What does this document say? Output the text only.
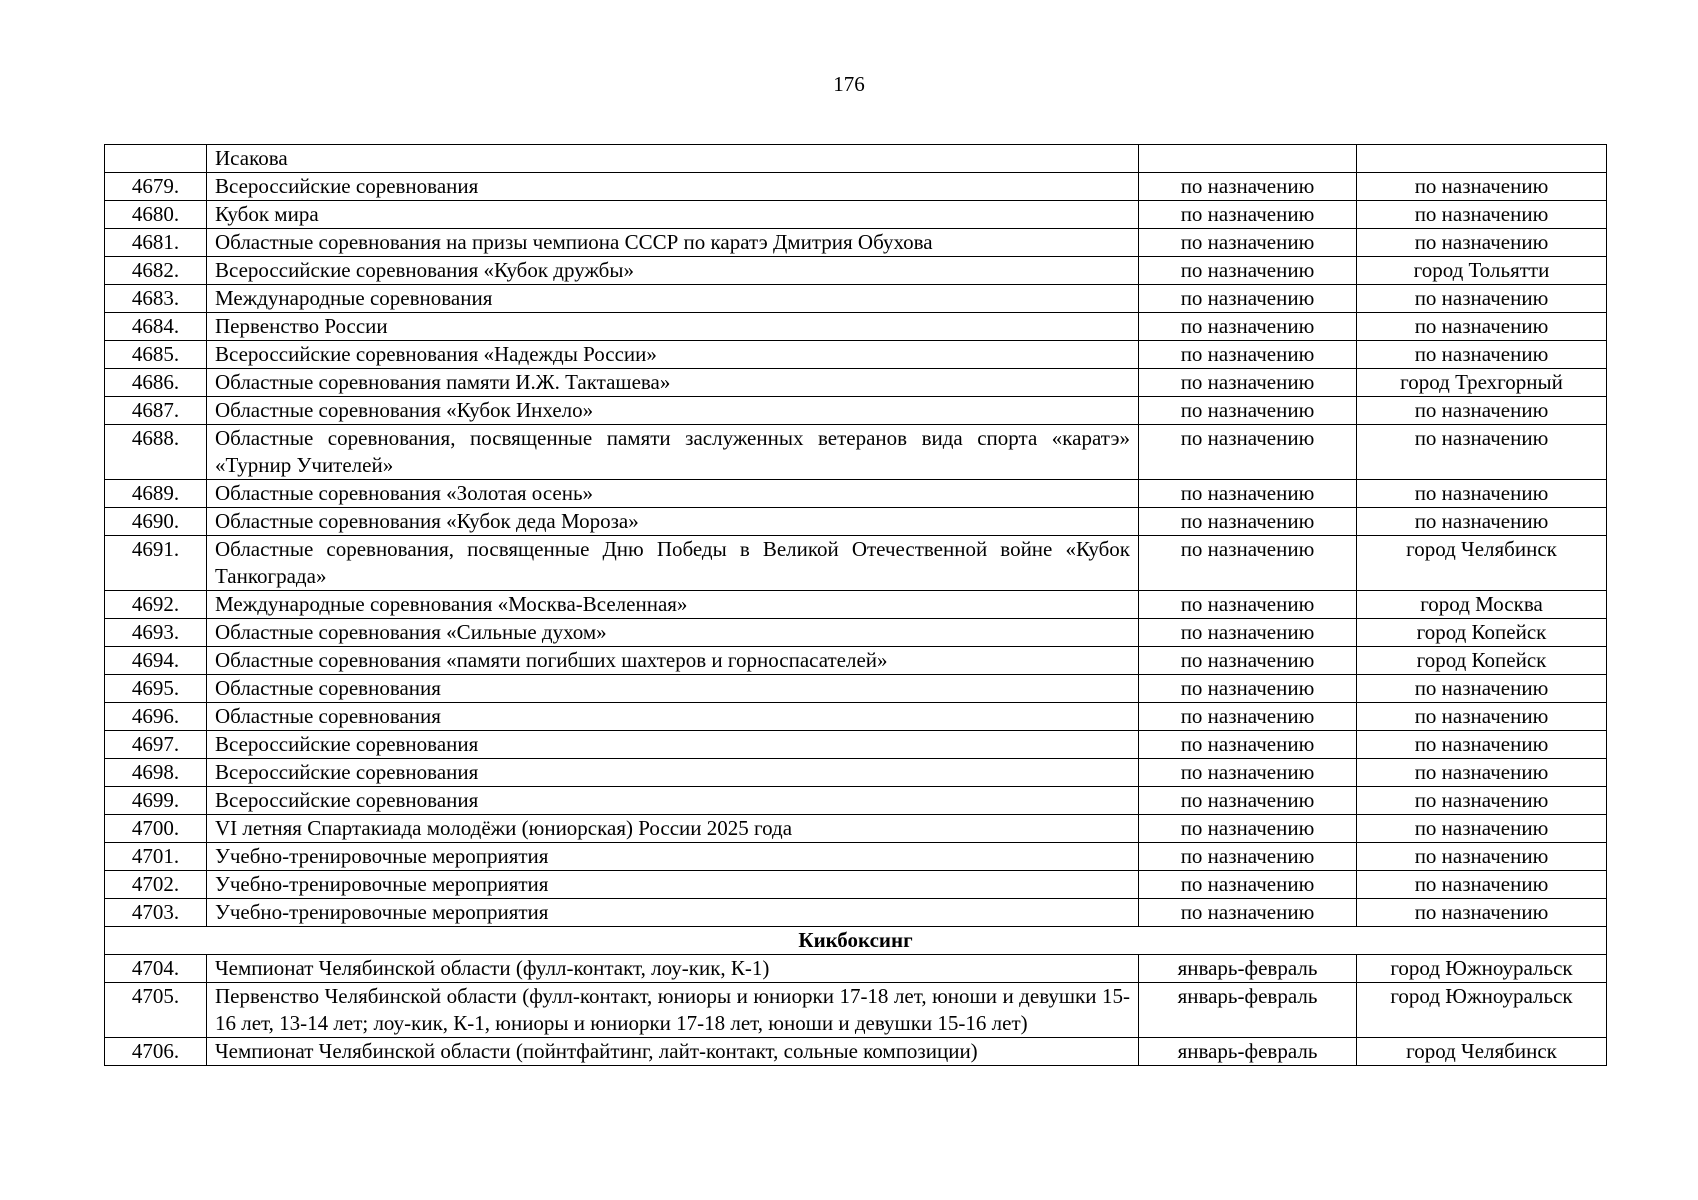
176
	Исакова		
4679.	Всероссийские соревнования	по назначению	по назначению
4680.	Кубок мира	по назначению	по назначению
4681.	Областные соревнования на призы чемпиона СССР по каратэ Дмитрия Обухова	по назначению	по назначению
4682.	Всероссийские соревнования «Кубок дружбы»	по назначению	город Тольятти
4683.	Международные соревнования	по назначению	по назначению
4684.	Первенство России	по назначению	по назначению
4685.	Всероссийские соревнования «Надежды России»	по назначению	по назначению
4686.	Областные соревнования памяти И.Ж. Такташева»	по назначению	город Трехгорный
4687.	Областные соревнования «Кубок Инхело»	по назначению	по назначению
4688.	Областные соревнования, посвященные памяти заслуженных ветеранов вида спорта «каратэ» «Турнир Учителей»	по назначению	по назначению
4689.	Областные соревнования «Золотая осень»	по назначению	по назначению
4690.	Областные соревнования «Кубок деда Мороза»	по назначению	по назначению
4691.	Областные соревнования, посвященные Дню Победы в Великой Отечественной войне «Кубок Танкограда»	по назначению	город Челябинск
4692.	Международные соревнования «Москва-Вселенная»	по назначению	город Москва
4693.	Областные соревнования «Сильные духом»	по назначению	город Копейск
4694.	Областные соревнования «памяти погибших шахтеров и горноспасателей»	по назначению	город Копейск
4695.	Областные соревнования	по назначению	по назначению
4696.	Областные соревнования	по назначению	по назначению
4697.	Всероссийские соревнования	по назначению	по назначению
4698.	Всероссийские соревнования	по назначению	по назначению
4699.	Всероссийские соревнования	по назначению	по назначению
4700.	VI летняя Спартакиада молодёжи (юниорская) России 2025 года	по назначению	по назначению
4701.	Учебно-тренировочные мероприятия	по назначению	по назначению
4702.	Учебно-тренировочные мероприятия	по назначению	по назначению
4703.	Учебно-тренировочные мероприятия	по назначению	по назначению
Кикбоксинг			
4704.	Чемпионат Челябинской области (фулл-контакт, лоу-кик, К-1)	январь-февраль	город Южноуральск
4705.	Первенство Челябинской области (фулл-контакт, юниоры и юниорки 17-18 лет, юноши и девушки 15-16 лет, 13-14 лет; лоу-кик, К-1, юниоры и юниорки 17-18 лет, юноши и девушки 15-16 лет)	январь-февраль	город Южноуральск
4706.	Чемпионат Челябинской области (пойнтфайтинг, лайт-контакт, сольные композиции)	январь-февраль	город Челябинск
